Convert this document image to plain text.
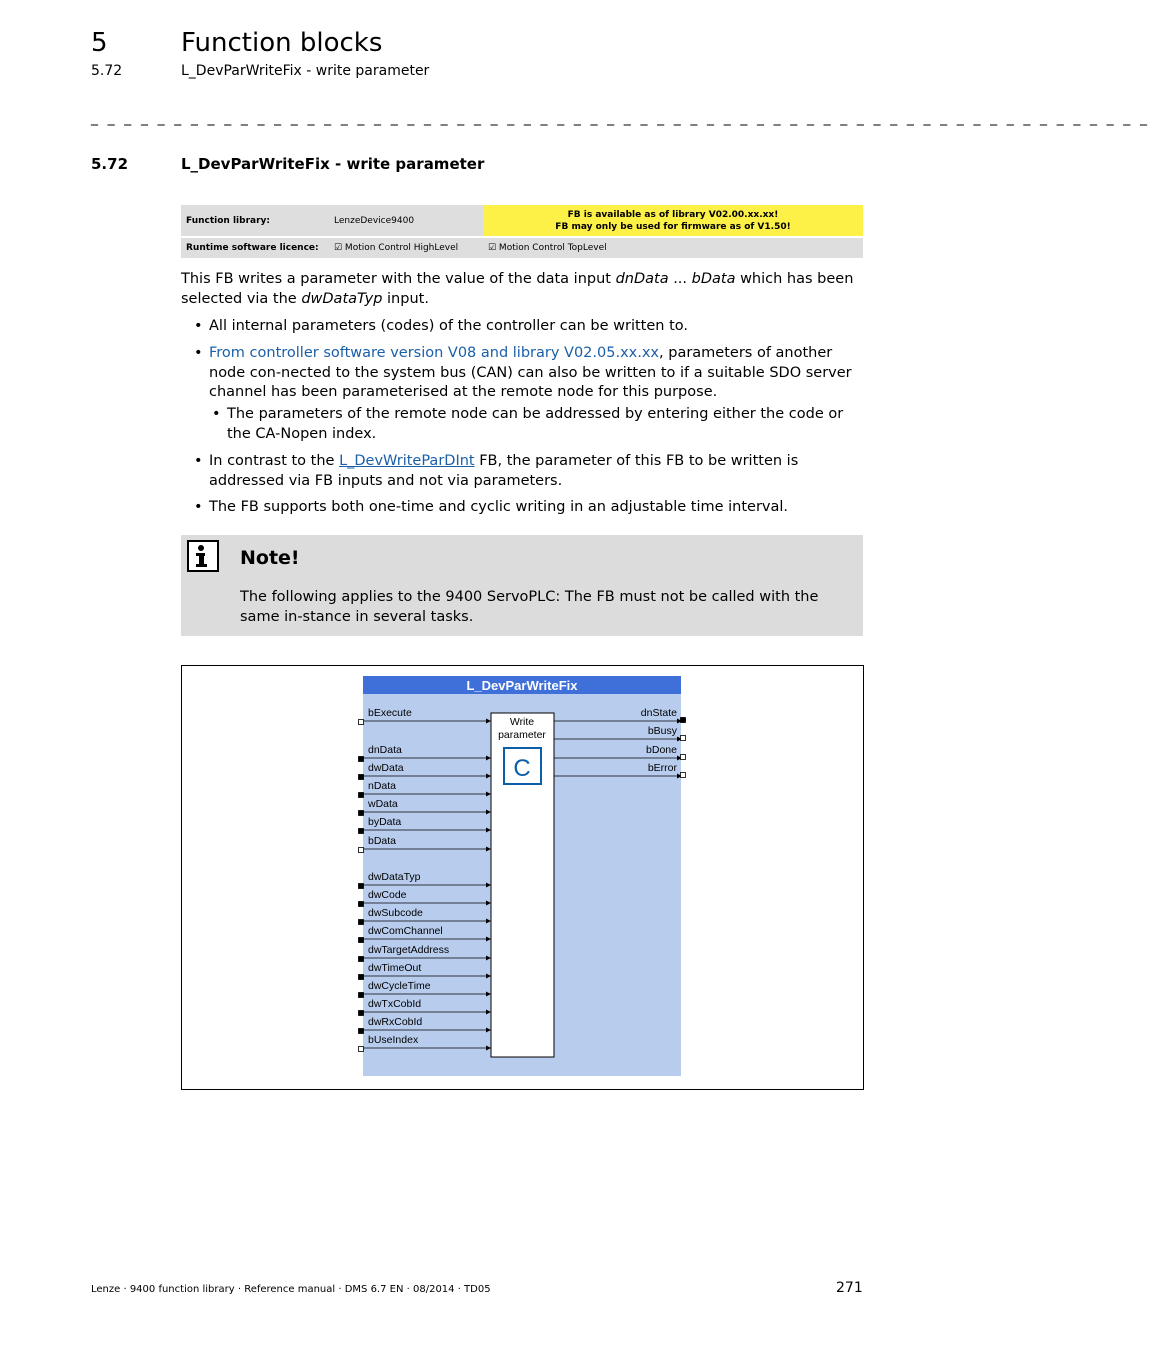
5	Function blocks
5.72	L_DevParWriteFix - write parameter
_ _ _ _ _ _ _ _ _ _ _ _ _ _ _ _ _ _ _ _ _ _ _ _ _ _ _ _ _ _ _ _ _ _ _ _ _ _ _ _ _ _ _ _ _ _ _ _ _ _ _ _ _ _ _ _ _ _ _ _ _ _ _ _
5.72	L_DevParWriteFix - write parameter
Function library:	LenzeDevice9400	FB is available as of library V02.00.xx.xx!
FB may only be used for firmware as of V1.50!

Runtime software licence:	☑ Motion Control HighLevel	☑ Motion Control TopLevel
This FB writes a parameter with the value of the data input dnData ... bData which has been selected via the dwDataTyp input.
• All internal parameters (codes) of the controller can be written to.
• From controller software version V08 and library V02.05.xx.xx, parameters of another node con-nected to the system bus (CAN) can also be written to if a suitable SDO server channel has been parameterised at the remote node for this purpose.
• The parameters of the remote node can be addressed by entering either the code or the CA-Nopen index.
• In contrast to the L_DevWriteParDInt FB, the parameter of this FB to be written is addressed via FB inputs and not via parameters.
• The FB supports both one-time and cyclic writing in an adjustable time interval.
Note!
The following applies to the 9400 ServoPLC: The FB must not be called with the same in-stance in several tasks.
L_DevParWriteFix
Write
parameter
C
bExecute
dnData
dwData
nData
wData
byData
bData
dwDataTyp
dwCode
dwSubcode
dwComChannel
dwTargetAddress
dwTimeOut
dwCycleTime
dwTxCobId
dwRxCobId
bUseIndex
dnState
bBusy
bDone
bError
Lenze · 9400 function library · Reference manual · DMS 6.7 EN · 08/2014 · TD05	271
